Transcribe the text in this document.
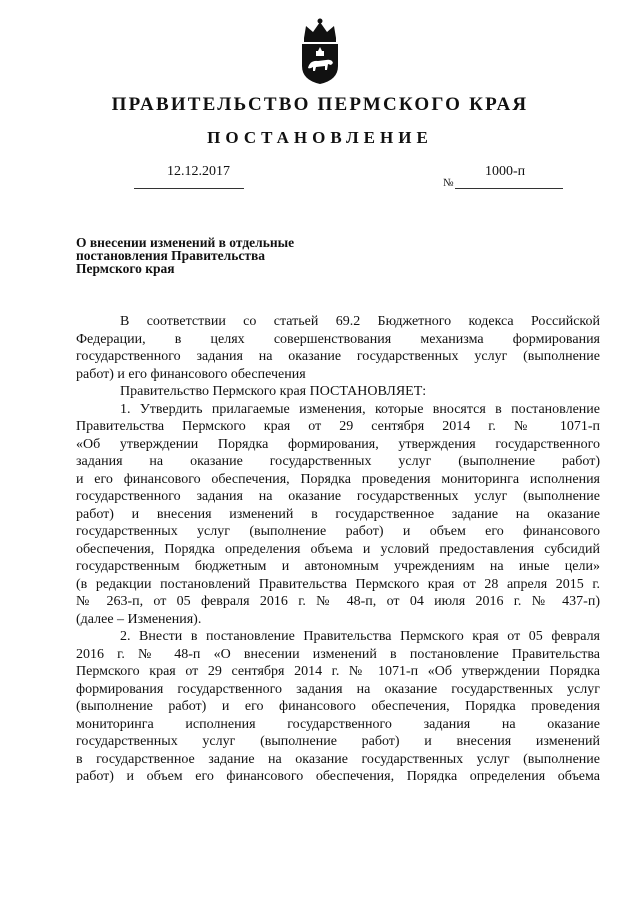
ПРАВИТЕЛЬСТВО ПЕРМСКОГО КРАЯ
ПОСТАНОВЛЕНИЕ
12.12.2017	1000-п
№
О внесении изменений в отдельные
постановления Правительства
Пермского края
В соответствии со статьей 69.2 Бюджетного кодекса Российской
Федерации, в целях совершенствования механизма формирования
государственного задания на оказание государственных услуг (выполнение
работ) и его финансового обеспечения
Правительство Пермского края ПОСТАНОВЛЯЕТ:
1. Утвердить прилагаемые изменения, которые вносятся в постановление
Правительства Пермского края от 29 сентября 2014 г. № 1071-п
«Об утверждении Порядка формирования, утверждения государственного
задания на оказание государственных услуг (выполнение работ)
и его финансового обеспечения, Порядка проведения мониторинга исполнения
государственного задания на оказание государственных услуг (выполнение
работ) и внесения изменений в государственное задание на оказание
государственных услуг (выполнение работ) и объем его финансового
обеспечения, Порядка определения объема и условий предоставления субсидий
государственным бюджетным и автономным учреждениям на иные цели»
(в редакции постановлений Правительства Пермского края от 28 апреля 2015 г.
№ 263-п, от 05 февраля 2016 г. № 48-п, от 04 июля 2016 г. № 437-п)
(далее – Изменения).
2. Внести в постановление Правительства Пермского края от 05 февраля
2016 г. № 48-п «О внесении изменений в постановление Правительства
Пермского края от 29 сентября 2014 г. № 1071-п «Об утверждении Порядка
формирования государственного задания на оказание государственных услуг
(выполнение работ) и его финансового обеспечения, Порядка проведения
мониторинга исполнения государственного задания на оказание
государственных услуг (выполнение работ) и внесения изменений
в государственное задание на оказание государственных услуг (выполнение
работ) и объем его финансового обеспечения, Порядка определения объема
